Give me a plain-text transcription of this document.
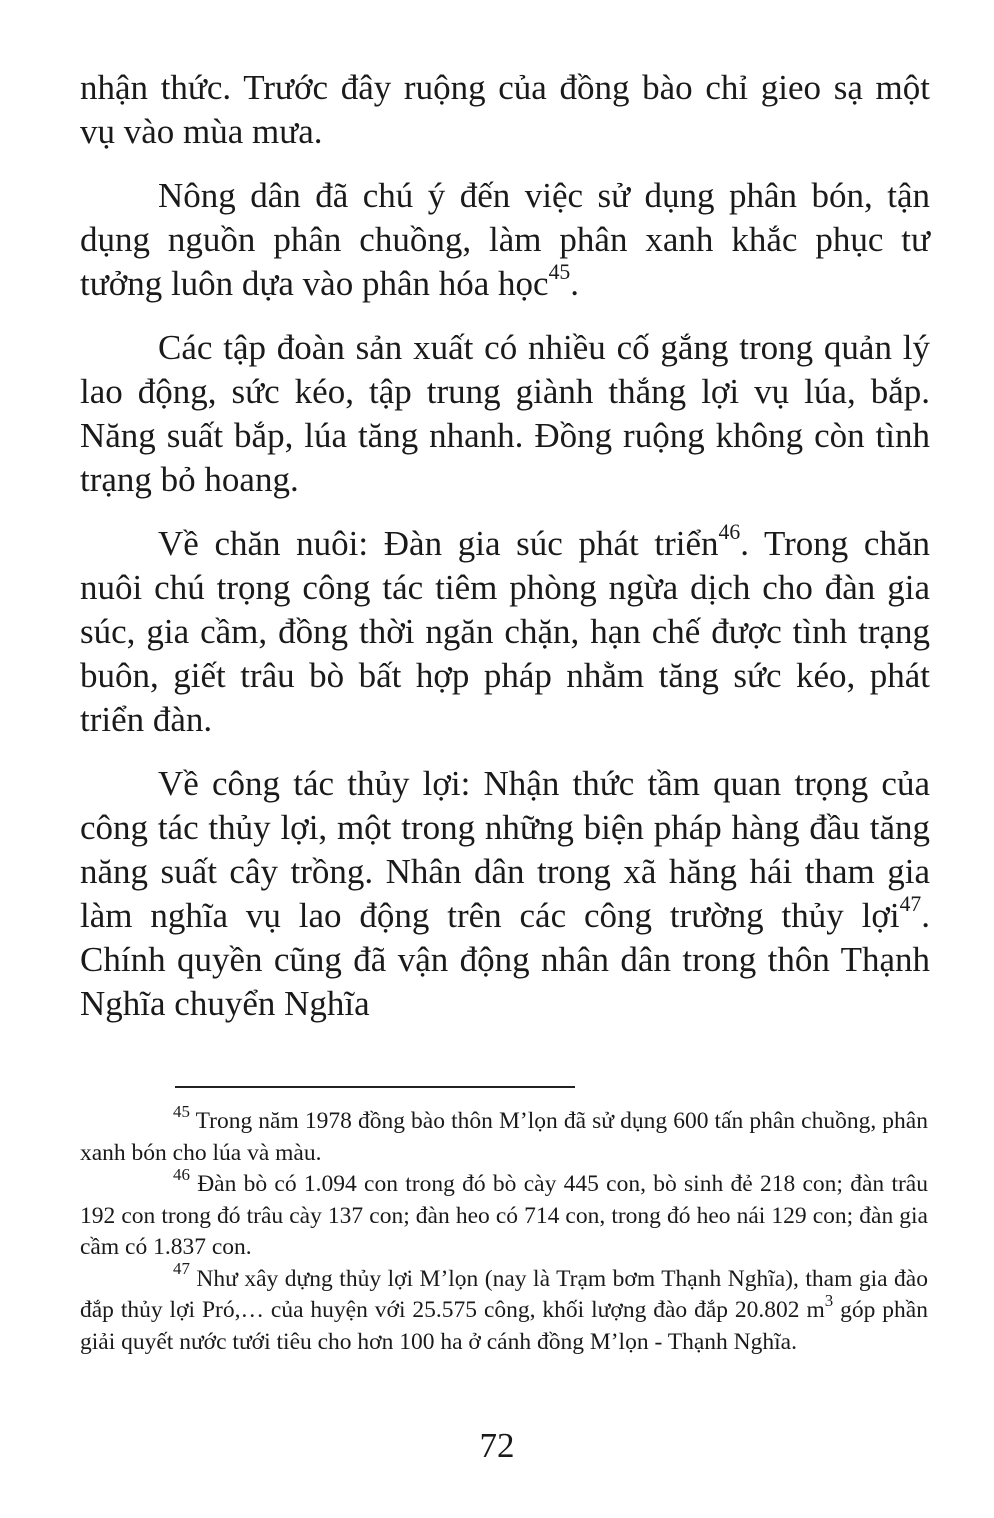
nhận thức. Trước đây ruộng của đồng bào chỉ gieo sạ một vụ vào mùa mưa.

Nông dân đã chú ý đến việc sử dụng phân bón, tận dụng nguồn phân chuồng, làm phân xanh khắc phục tư tưởng luôn dựa vào phân hóa học$^{45}$.

Các tập đoàn sản xuất có nhiều cố gắng trong quản lý lao động, sức kéo, tập trung giành thắng lợi vụ lúa, bắp. Năng suất bắp, lúa tăng nhanh. Đồng ruộng không còn tình trạng bỏ hoang.

Về chăn nuôi: Đàn gia súc phát triển$^{46}$. Trong chăn nuôi chú trọng công tác tiêm phòng ngừa dịch cho đàn gia súc, gia cầm, đồng thời ngăn chặn, hạn chế được tình trạng buôn, giết trâu bò bất hợp pháp nhằm tăng sức kéo, phát triển đàn.

Về công tác thủy lợi: Nhận thức tầm quan trọng của công tác thủy lợi, một trong những biện pháp hàng đầu tăng năng suất cây trồng. Nhân dân trong xã hăng hái tham gia làm nghĩa vụ lao động trên các công trường thủy lợi$^{47}$. Chính quyền cũng đã vận động nhân dân trong thôn Thạnh Nghĩa chuyển Nghĩa

$^{45}$ Trong năm 1978 đồng bào thôn M’lọn đã sử dụng 600 tấn phân chuồng, phân xanh bón cho lúa và màu.

$^{46}$ Đàn bò có 1.094 con trong đó bò cày 445 con, bò sinh đẻ 218 con; đàn trâu 192 con trong đó trâu cày 137 con; đàn heo có 714 con, trong đó heo nái 129 con; đàn gia cầm có 1.837 con.

$^{47}$ Như xây dựng thủy lợi M’lọn (nay là Trạm bơm Thạnh Nghĩa), tham gia đào đắp thủy lợi Pró,… của huyện với 25.575 công, khối lượng đào đắp 20.802 $m^3$ góp phần giải quyết nước tưới tiêu cho hơn 100 ha ở cánh đồng M’lọn - Thạnh Nghĩa.

72
